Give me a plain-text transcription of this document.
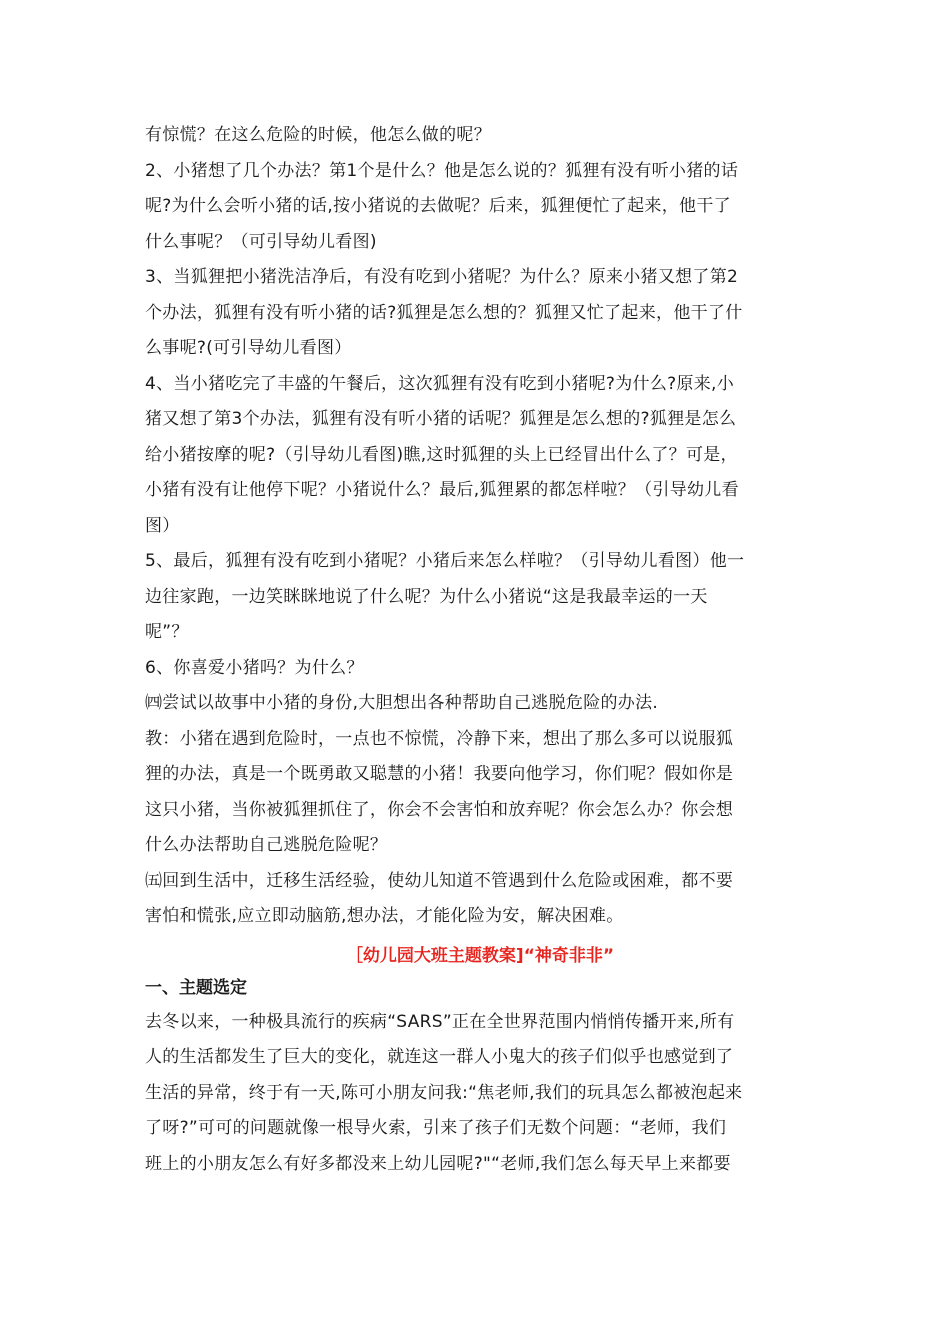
有惊慌？在这么危险的时候，他怎么做的呢？
2、小猪想了几个办法？第1个是什么？他是怎么说的？狐狸有没有听小猪的话
呢?为什么会听小猪的话,按小猪说的去做呢？后来，狐狸便忙了起来，他干了
什么事呢？（可引导幼儿看图)
3、当狐狸把小猪洗洁净后，有没有吃到小猪呢？为什么？原来小猪又想了第2
个办法，狐狸有没有听小猪的话?狐狸是怎么想的？狐狸又忙了起来，他干了什
么事呢?(可引导幼儿看图）
4、当小猪吃完了丰盛的午餐后，这次狐狸有没有吃到小猪呢?为什么?原来,小
猪又想了第3个办法，狐狸有没有听小猪的话呢？狐狸是怎么想的?狐狸是怎么
给小猪按摩的呢?（引导幼儿看图)瞧,这时狐狸的头上已经冒出什么了？可是，
小猪有没有让他停下呢？小猪说什么？最后,狐狸累的都怎样啦？（引导幼儿看
图）
5、最后，狐狸有没有吃到小猪呢？小猪后来怎么样啦？（引导幼儿看图）他一
边往家跑，一边笑眯眯地说了什么呢？为什么小猪说“这是我最幸运的一天
呢”？
6、你喜爱小猪吗？为什么？
㈣尝试以故事中小猪的身份,大胆想出各种帮助自己逃脱危险的办法.
教：小猪在遇到危险时，一点也不惊慌，冷静下来，想出了那么多可以说服狐
狸的办法，真是一个既勇敢又聪慧的小猪！我要向他学习，你们呢？假如你是
这只小猪，当你被狐狸抓住了，你会不会害怕和放弃呢？你会怎么办？你会想
什么办法帮助自己逃脱危险呢？
㈤回到生活中，迁移生活经验，使幼儿知道不管遇到什么危险或困难，都不要
害怕和慌张,应立即动脑筋,想办法，才能化险为安，解决困难。
［幼儿园大班主题教案]“神奇非非”
一、主题选定
去冬以来，一种极具流行的疾病“SARS”正在全世界范围内悄悄传播开来,所有
人的生活都发生了巨大的变化，就连这一群人小鬼大的孩子们似乎也感觉到了
生活的异常，终于有一天,陈可小朋友问我:“焦老师,我们的玩具怎么都被泡起来
了呀?”可可的问题就像一根导火索，引来了孩子们无数个问题：“老师，我们
班上的小朋友怎么有好多都没来上幼儿园呢?"“老师,我们怎么每天早上来都要
